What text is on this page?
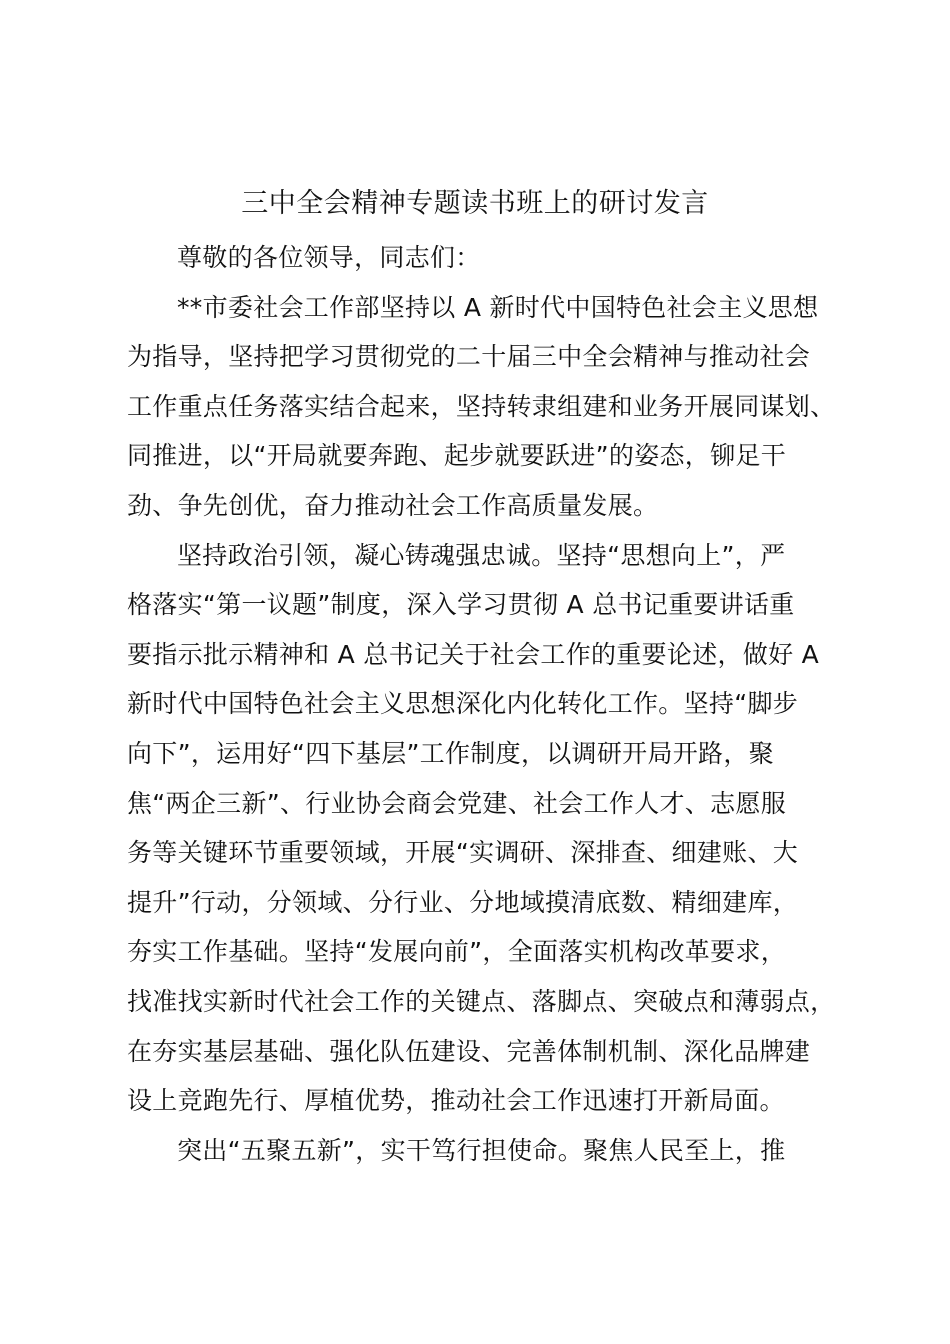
三中全会精神专题读书班上的研讨发言

尊敬的各位领导，同志们：

**市委社会工作部坚持以 A 新时代中国特色社会主义思想
为指导，坚持把学习贯彻党的二十届三中全会精神与推动社会
工作重点任务落实结合起来，坚持转隶组建和业务开展同谋划、
同推进，以“开局就要奔跑、起步就要跃进”的姿态，铆足干
劲、争先创优，奋力推动社会工作高质量发展。

坚持政治引领，凝心铸魂强忠诚。坚持“思想向上”，严
格落实“第一议题”制度，深入学习贯彻 A 总书记重要讲话重
要指示批示精神和 A 总书记关于社会工作的重要论述，做好 A
新时代中国特色社会主义思想深化内化转化工作。坚持“脚步
向下”，运用好“四下基层”工作制度，以调研开局开路，聚
焦“两企三新”、行业协会商会党建、社会工作人才、志愿服
务等关键环节重要领域，开展“实调研、深排查、细建账、大
提升”行动，分领域、分行业、分地域摸清底数、精细建库，
夯实工作基础。坚持“发展向前”，全面落实机构改革要求，
找准找实新时代社会工作的关键点、落脚点、突破点和薄弱点，
在夯实基层基础、强化队伍建设、完善体制机制、深化品牌建
设上竞跑先行、厚植优势，推动社会工作迅速打开新局面。

突出“五聚五新”，实干笃行担使命。聚焦人民至上，推
